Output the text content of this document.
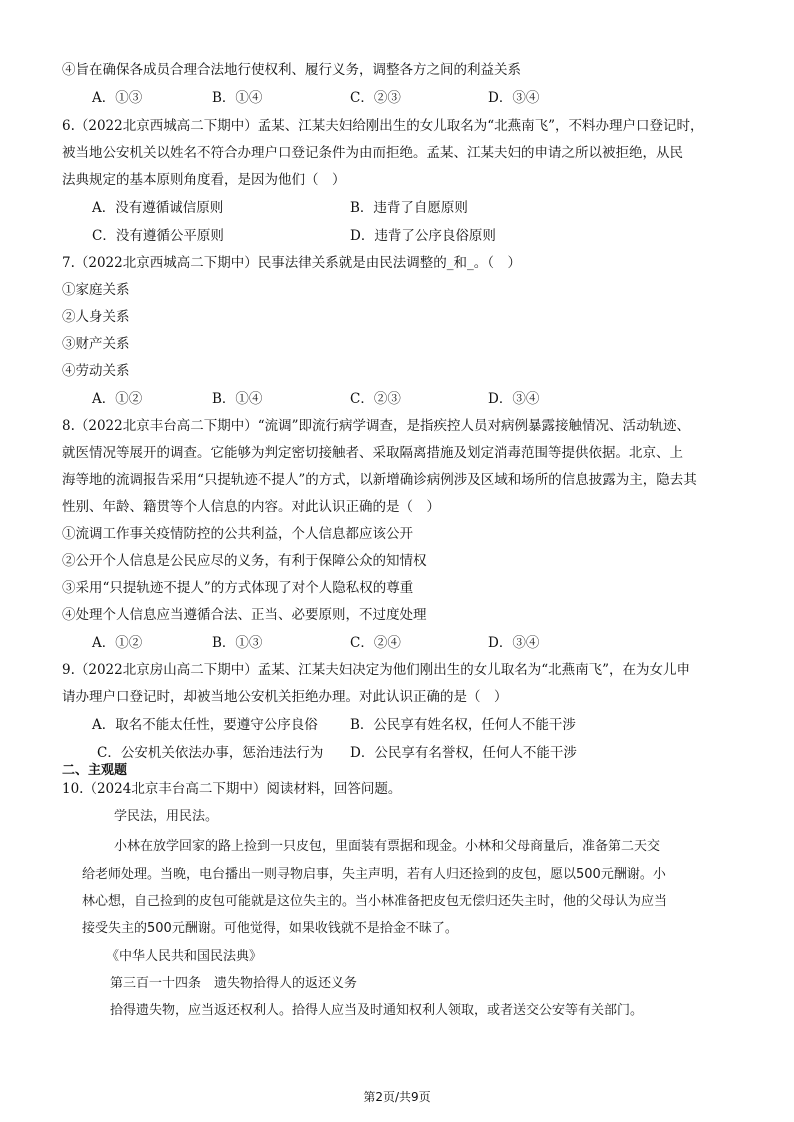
④旨在确保各成员合理合法地行使权利、履行义务，调整各方之间的利益关系
A．①③	B．①④	C．②③	D．③④
6.（2022北京西城高二下期中）孟某、江某夫妇给刚出生的女儿取名为“北燕南飞”，不料办理户口登记时，
被当地公安机关以姓名不符合办理户口登记条件为由而拒绝。孟某、江某夫妇的申请之所以被拒绝，从民
法典规定的基本原则角度看，是因为他们（　）
A．没有遵循诚信原则	B．违背了自愿原则
C．没有遵循公平原则	D．违背了公序良俗原则
7.（2022北京西城高二下期中）民事法律关系就是由民法调整的_和_。（　）
①家庭关系
②人身关系
③财产关系
④劳动关系
A．①②	B．①④	C．②③	D．③④
8.（2022北京丰台高二下期中）“流调”即流行病学调查，是指疾控人员对病例暴露接触情况、活动轨迹、
就医情况等展开的调查。它能够为判定密切接触者、采取隔离措施及划定消毒范围等提供依据。北京、上
海等地的流调报告采用“只提轨迹不提人”的方式，以新增确诊病例涉及区域和场所的信息披露为主，隐去其
性别、年龄、籍贯等个人信息的内容。对此认识正确的是（　）
①流调工作事关疫情防控的公共利益，个人信息都应该公开
②公开个人信息是公民应尽的义务，有利于保障公众的知情权
③采用“只提轨迹不提人”的方式体现了对个人隐私权的尊重
④处理个人信息应当遵循合法、正当、必要原则，不过度处理
A．①②	B．①③	C．②④	D．③④
9.（2022北京房山高二下期中）孟某、江某夫妇决定为他们刚出生的女儿取名为“北燕南飞”，在为女儿申
请办理户口登记时，却被当地公安机关拒绝办理。对此认识正确的是（　）
A．取名不能太任性，要遵守公序良俗 B．公民享有姓名权，任何人不能干涉
C．公安机关依法办事，惩治违法行为 D．公民享有名誉权，任何人不能干涉
二、主观题
10.（2024北京丰台高二下期中）阅读材料，回答问题。
学民法，用民法。
小林在放学回家的路上捡到一只皮包，里面装有票据和现金。小林和父母商量后，准备第二天交
给老师处理。当晚，电台播出一则寻物启事，失主声明，若有人归还捡到的皮包，愿以500元酬谢。小
林心想，自己捡到的皮包可能就是这位失主的。当小林准备把皮包无偿归还失主时，他的父母认为应当
接受失主的500元酬谢。可他觉得，如果收钱就不是拾金不昧了。
《中华人民共和国民法典》
第三百一十四条　遗失物拾得人的返还义务
拾得遗失物，应当返还权利人。拾得人应当及时通知权利人领取，或者送交公安等有关部门。
第2页/共9页
